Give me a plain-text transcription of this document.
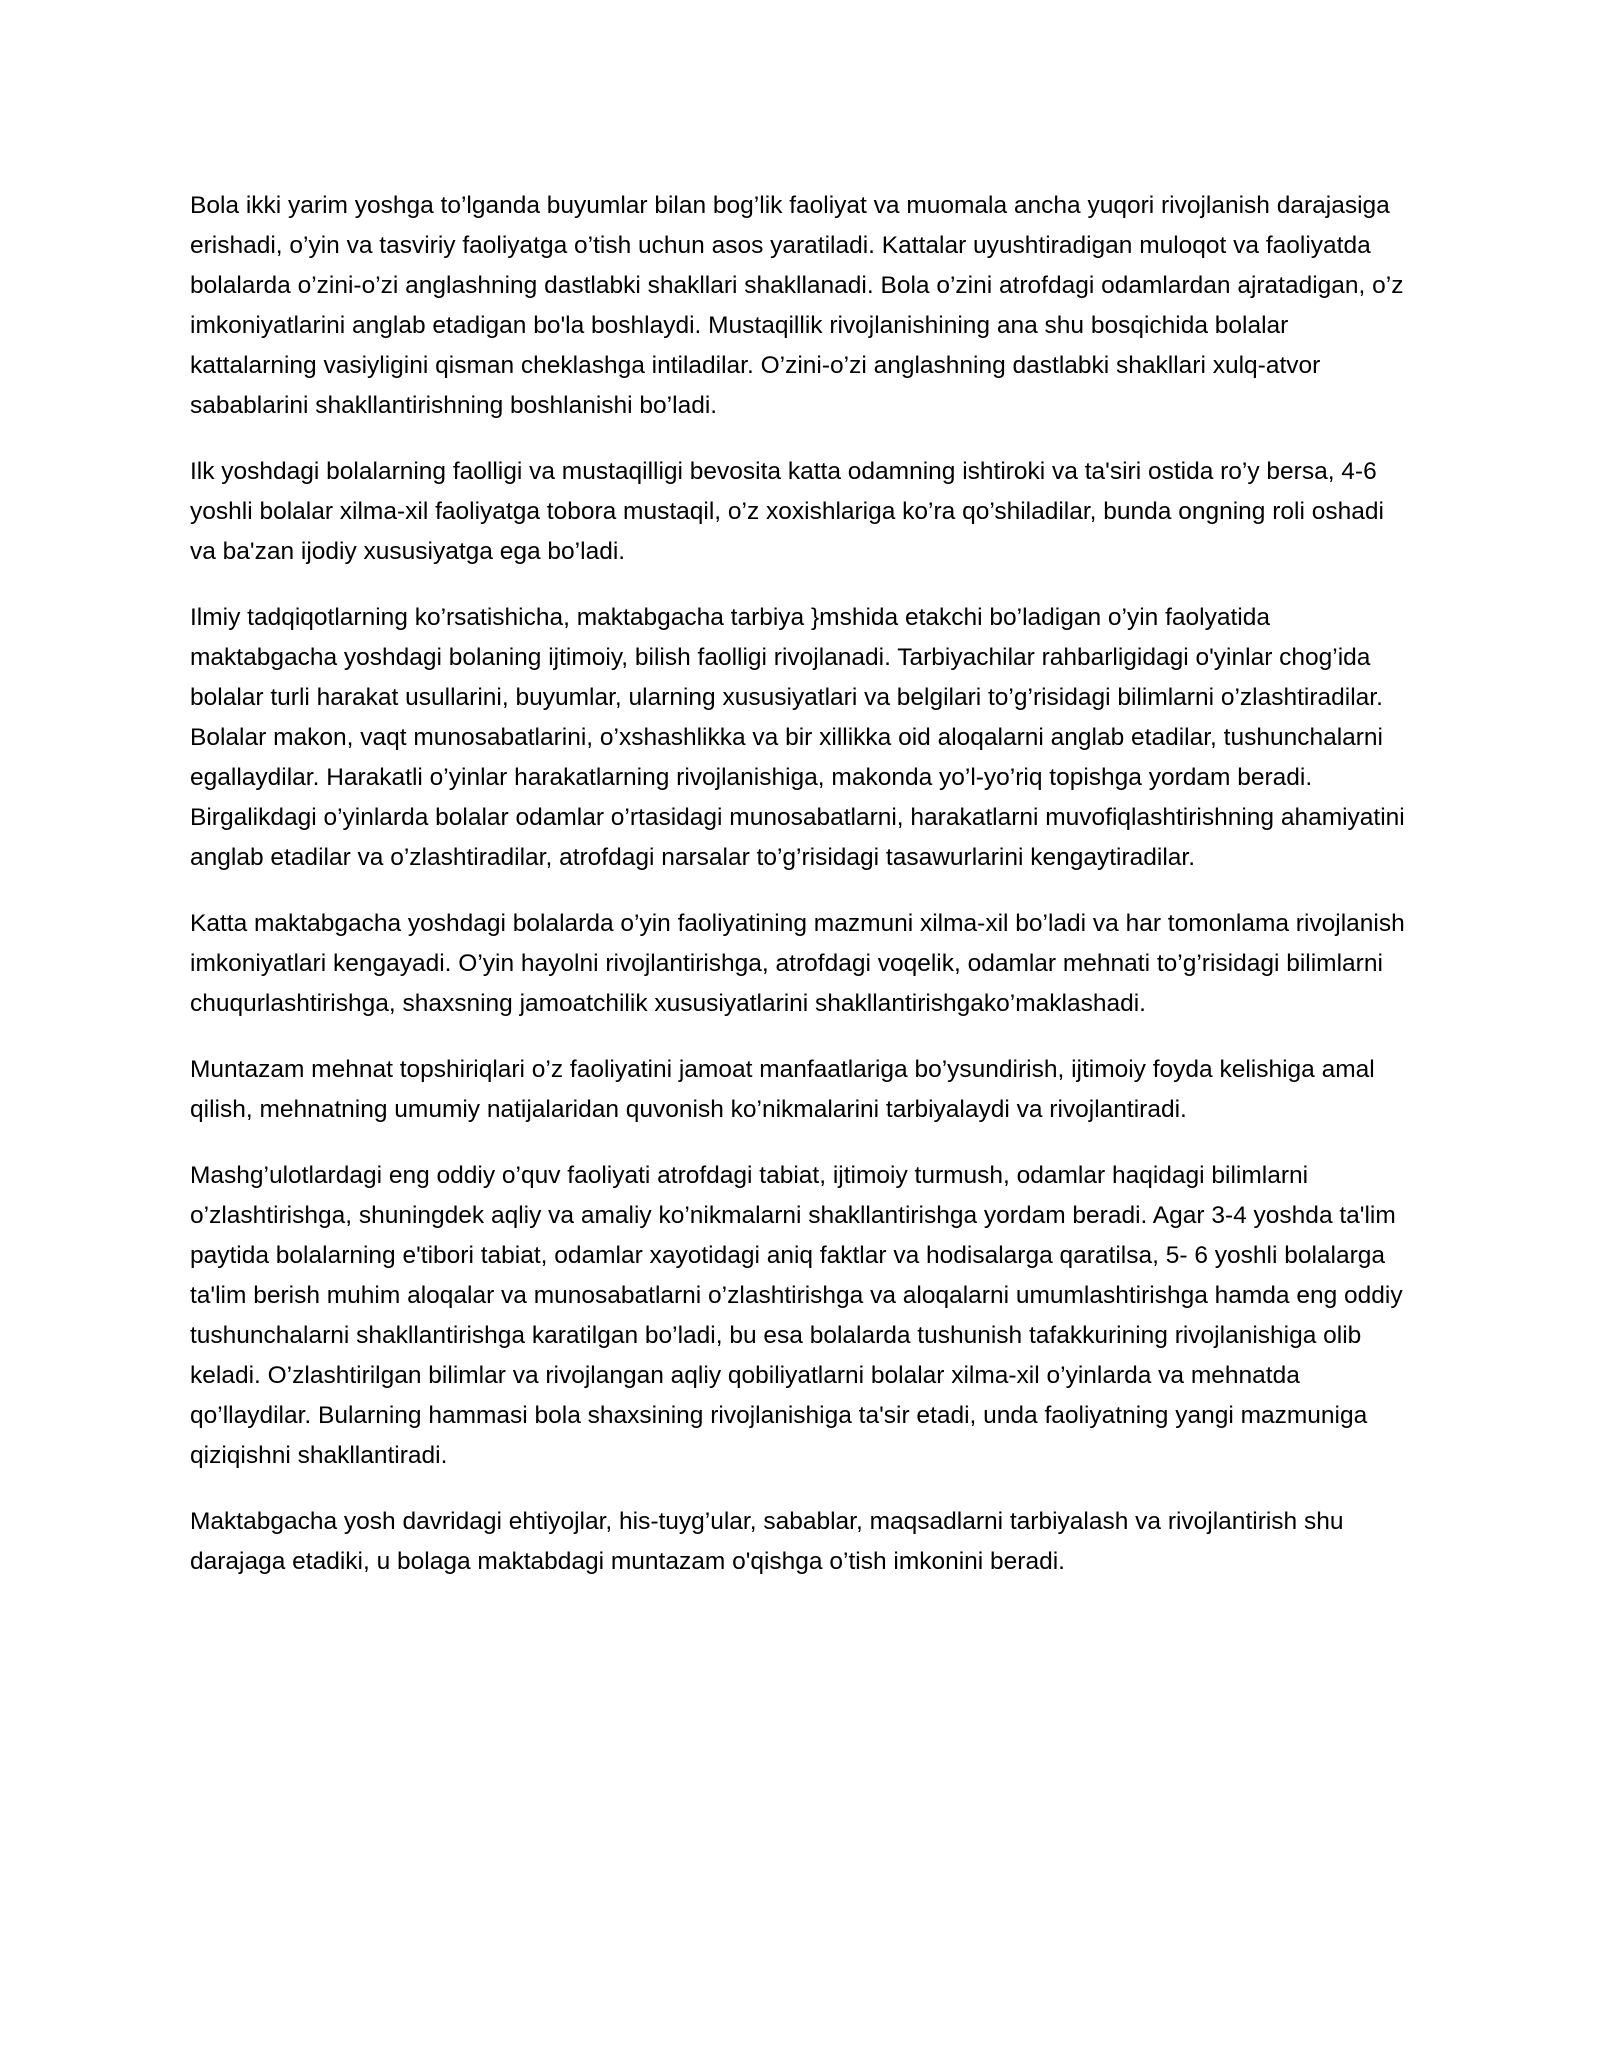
Bola ikki yarim yoshga to’lganda buyumlar bilan bog’lik faoliyat va muomala ancha yuqori rivojlanish darajasiga erishadi, o’yin va tasviriy faoliyatga o’tish uchun asos yaratiladi. Kattalar uyushtiradigan muloqot va faoliyatda bolalarda o’zini-o’zi anglashning dastlabki shakllari shakllanadi. Bola o’zini atrofdagi odamlardan ajratadigan, o’z imkoniyatlarini anglab etadigan bo'la boshlaydi. Mustaqillik rivojlanishining ana shu bosqichida bolalar kattalarning vasiyligini qisman cheklashga intiladilar. O’zini-o’zi anglashning dastlabki shakllari xulq-atvor sabablarini shakllantirishning boshlanishi bo’ladi.

Ilk yoshdagi bolalarning faolligi va mustaqilligi bevosita katta odamning ishtiroki va ta'siri ostida ro’y bersa, 4-6 yoshli bolalar xilma-xil faoliyatga tobora mustaqil, o’z xoxishlariga ko’ra qo’shiladilar, bunda ongning roli oshadi va ba'zan ijodiy xususiyatga ega bo’ladi.

Ilmiy tadqiqotlarning ko’rsatishicha, maktabgacha tarbiya }mshida etakchi bo’ladigan o’yin faolyatida maktabgacha yoshdagi bolaning ijtimoiy, bilish faolligi rivojlanadi. Tarbiyachilar rahbarligidagi o'yinlar chog’ida bolalar turli harakat usullarini, buyumlar, ularning xususiyatlari va belgilari to’g’risidagi bilimlarni o’zlashtiradilar. Bolalar makon, vaqt munosabatlarini, o’xshashlikka va bir xillikka oid aloqalarni anglab etadilar, tushunchalarni egallaydilar. Harakatli o’yinlar harakatlarning rivojlanishiga, makonda yo’l-yo’riq topishga yordam beradi. Birgalikdagi o’yinlarda bolalar odamlar o’rtasidagi munosabatlarni, harakatlarni muvofiqlashtirishning ahamiyatini anglab etadilar va o’zlashtiradilar, atrofdagi narsalar to’g’risidagi tasawurlarini kengaytiradilar.

Katta maktabgacha yoshdagi bolalarda o’yin faoliyatining mazmuni xilma-xil bo’ladi va har tomonlama rivojlanish imkoniyatlari kengayadi. O’yin hayolni rivojlantirishga, atrofdagi voqelik, odamlar mehnati to’g’risidagi bilimlarni chuqurlashtirishga, shaxsning jamoatchilik xususiyatlarini shakllantirishgako’maklashadi.

Muntazam mehnat topshiriqlari o’z faoliyatini jamoat manfaatlariga bo’ysundirish, ijtimoiy foyda kelishiga amal qilish, mehnatning umumiy natijalaridan quvonish ko’nikmalarini tarbiyalaydi va rivojlantiradi.

Mashg’ulotlardagi eng oddiy o’quv faoliyati atrofdagi tabiat, ijtimoiy turmush, odamlar haqidagi bilimlarni o’zlashtirishga, shuningdek aqliy va amaliy ko’nikmalarni shakllantirishga yordam beradi. Agar 3-4 yoshda ta'lim paytida bolalarning e'tibori tabiat, odamlar xayotidagi aniq faktlar va hodisalarga qaratilsa, 5- 6 yoshli bolalarga ta'lim berish muhim aloqalar va munosabatlarni o’zlashtirishga va aloqalarni umumlashtirishga hamda eng oddiy tushunchalarni shakllantirishga karatilgan bo’ladi, bu esa bolalarda tushunish tafakkurining rivojlanishiga olib keladi. O’zlashtirilgan bilimlar va rivojlangan aqliy qobiliyatlarni bolalar xilma-xil o’yinlarda va mehnatda qo’llaydilar. Bularning hammasi bola shaxsining rivojlanishiga ta'sir etadi, unda faoliyatning yangi mazmuniga qiziqishni shakllantiradi.

Maktabgacha yosh davridagi ehtiyojlar, his-tuyg’ular, sabablar, maqsadlarni tarbiyalash va rivojlantirish shu darajaga etadiki, u bolaga maktabdagi muntazam o'qishga o’tish imkonini beradi.
